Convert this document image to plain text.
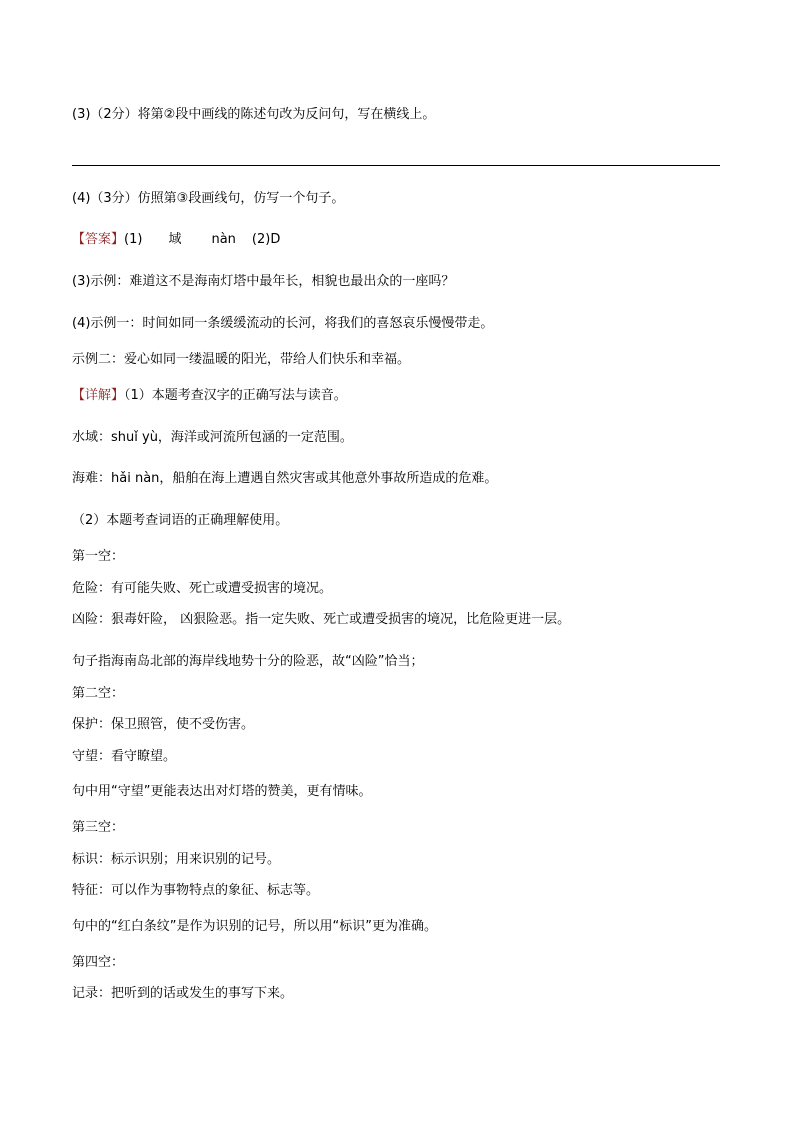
(3)（2分）将第②段中画线的陈述句改为反问句，写在横线上。
(4)（3分）仿照第③段画线句，仿写一个句子。
【答案】(1) 域 nàn (2)D
(3)示例：难道这不是海南灯塔中最年长，相貌也最出众的一座吗？
(4)示例一：时间如同一条缓缓流动的长河，将我们的喜怒哀乐慢慢带走。
示例二：爱心如同一缕温暖的阳光，带给人们快乐和幸福。
【详解】（1）本题考查汉字的正确写法与读音。
水域：shuǐ yù，海洋或河流所包涵的一定范围。
海难：hǎi nàn，船舶在海上遭遇自然灾害或其他意外事故所造成的危难。
（2）本题考查词语的正确理解使用。
第一空：
危险：有可能失败、死亡或遭受损害的境况。
凶险：狠毒奸险， 凶狠险恶。指一定失败、死亡或遭受损害的境况，比危险更进一层。
句子指海南岛北部的海岸线地势十分的险恶，故“凶险”恰当；
第二空：
保护：保卫照管，使不受伤害。
守望：看守瞭望。
句中用“守望”更能表达出对灯塔的赞美，更有情味。
第三空：
标识：标示识别；用来识别的记号。
特征：可以作为事物特点的象征、标志等。
句中的“红白条纹”是作为识别的记号，所以用“标识”更为准确。
第四空：
记录：把听到的话或发生的事写下来。
